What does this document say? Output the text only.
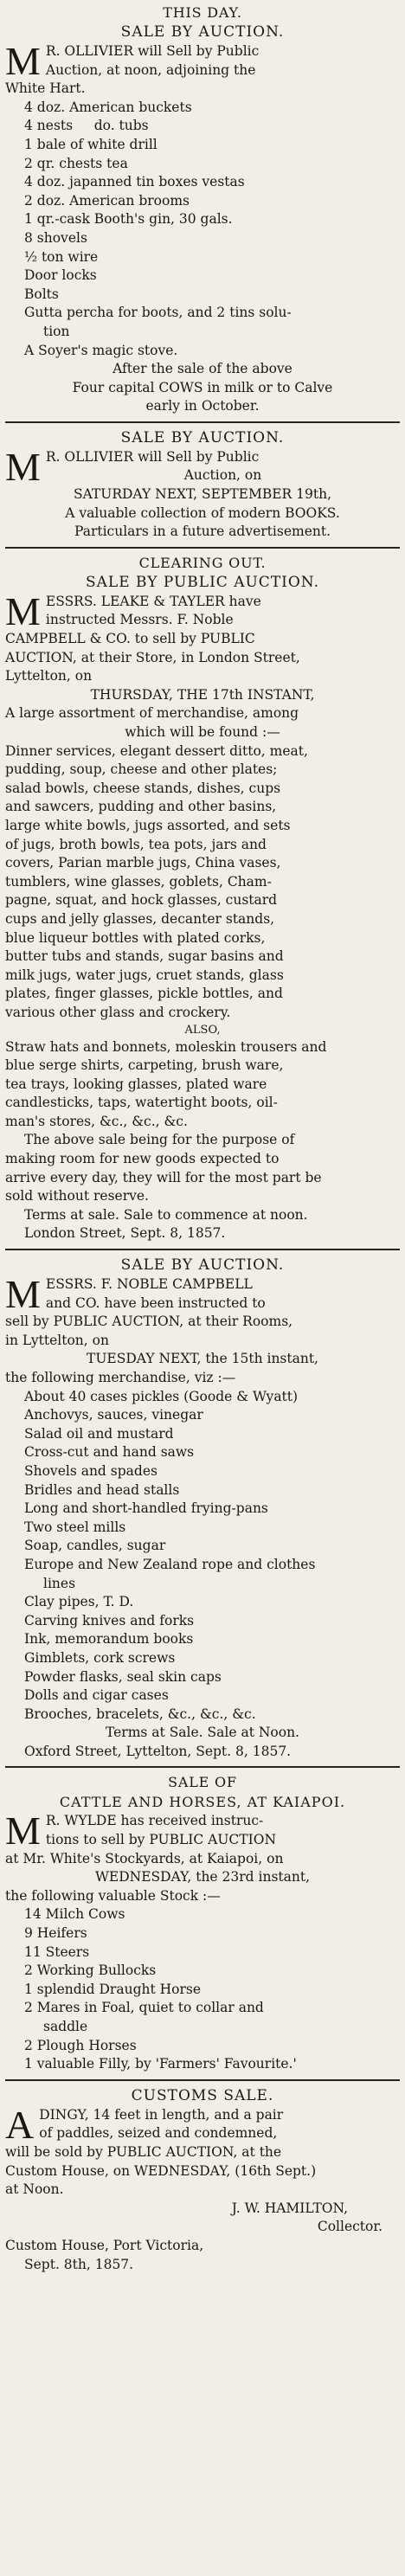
THIS DAY.

SALE BY AUCTION.

M R. OLLIVIER will Sell by Public

Auction, at noon, adjoining the

White Hart.

4 doz. American buckets

4 nests     do. tubs

1 bale of white drill

2 qr. chests tea

4 doz. japanned tin boxes vestas

2 doz. American brooms

1 qr.-cask Booth's gin, 30 gals.

8 shovels

½ ton wire

Door locks

Bolts

Gutta percha for boots, and 2 tins solu-

tion

A Soyer's magic stove.

After the sale of the above

Four capital COWS in milk or to Calve

early in October.

SALE BY AUCTION.

M R. OLLIVIER will Sell by Public

Auction, on

SATURDAY NEXT, SEPTEMBER 19th,

A valuable collection of modern BOOKS.

Particulars in a future advertisement.

CLEARING OUT.

SALE BY PUBLIC AUCTION.

M ESSRS. LEAKE & TAYLER have

instructed Messrs. F. Noble

CAMPBELL & CO. to sell by PUBLIC

AUCTION, at their Store, in London Street,

Lyttelton, on

THURSDAY, THE 17th INSTANT,

A large assortment of merchandise, among

which will be found :—

Dinner services, elegant dessert ditto, meat,

pudding, soup, cheese and other plates;

salad bowls, cheese stands, dishes, cups

and sawcers, pudding and other basins,

large white bowls, jugs assorted, and sets

of jugs, broth bowls, tea pots, jars and

covers, Parian marble jugs, China vases,

tumblers, wine glasses, goblets, Cham-

pagne, squat, and hock glasses, custard

cups and jelly glasses, decanter stands,

blue liqueur bottles with plated corks,

butter tubs and stands, sugar basins and

milk jugs, water jugs, cruet stands, glass

plates, finger glasses, pickle bottles, and

various other glass and crockery.

ALSO,

Straw hats and bonnets, moleskin trousers and

blue serge shirts, carpeting, brush ware,

tea trays, looking glasses, plated ware

candlesticks, taps, watertight boots, oil-

man's stores, &c., &c., &c.

The above sale being for the purpose of

making room for new goods expected to

arrive every day, they will for the most part be

sold without reserve.

Terms at sale. Sale to commence at noon.

London Street, Sept. 8, 1857.

SALE BY AUCTION.

M ESSRS. F. NOBLE CAMPBELL

and CO. have been instructed to

sell by PUBLIC AUCTION, at their Rooms,

in Lyttelton, on

TUESDAY NEXT, the 15th instant,

the following merchandise, viz :—

About 40 cases pickles (Goode & Wyatt)

Anchovys, sauces, vinegar

Salad oil and mustard

Cross-cut and hand saws

Shovels and spades

Bridles and head stalls

Long and short-handled frying-pans

Two steel mills

Soap, candles, sugar

Europe and New Zealand rope and clothes

lines

Clay pipes, T. D.

Carving knives and forks

Ink, memorandum books

Gimblets, cork screws

Powder flasks, seal skin caps

Dolls and cigar cases

Brooches, bracelets, &c., &c., &c.

Terms at Sale. Sale at Noon.

Oxford Street, Lyttelton, Sept. 8, 1857.

SALE OF

CATTLE AND HORSES, AT KAIAPOI.

M R. WYLDE has received instruc-

tions to sell by PUBLIC AUCTION

at Mr. White's Stockyards, at Kaiapoi, on

WEDNESDAY, the 23rd instant,

the following valuable Stock :—

14 Milch Cows

9 Heifers

11 Steers

2 Working Bullocks

1 splendid Draught Horse

2 Mares in Foal, quiet to collar and

saddle

2 Plough Horses

1 valuable Filly, by 'Farmers' Favourite.'

CUSTOMS SALE.

A DINGY, 14 feet in length, and a pair

of paddles, seized and condemned,

will be sold by PUBLIC AUCTION, at the

Custom House, on WEDNESDAY, (16th Sept.)

at Noon.

J. W. HAMILTON,

Collector.

Custom House, Port Victoria,

Sept. 8th, 1857.
